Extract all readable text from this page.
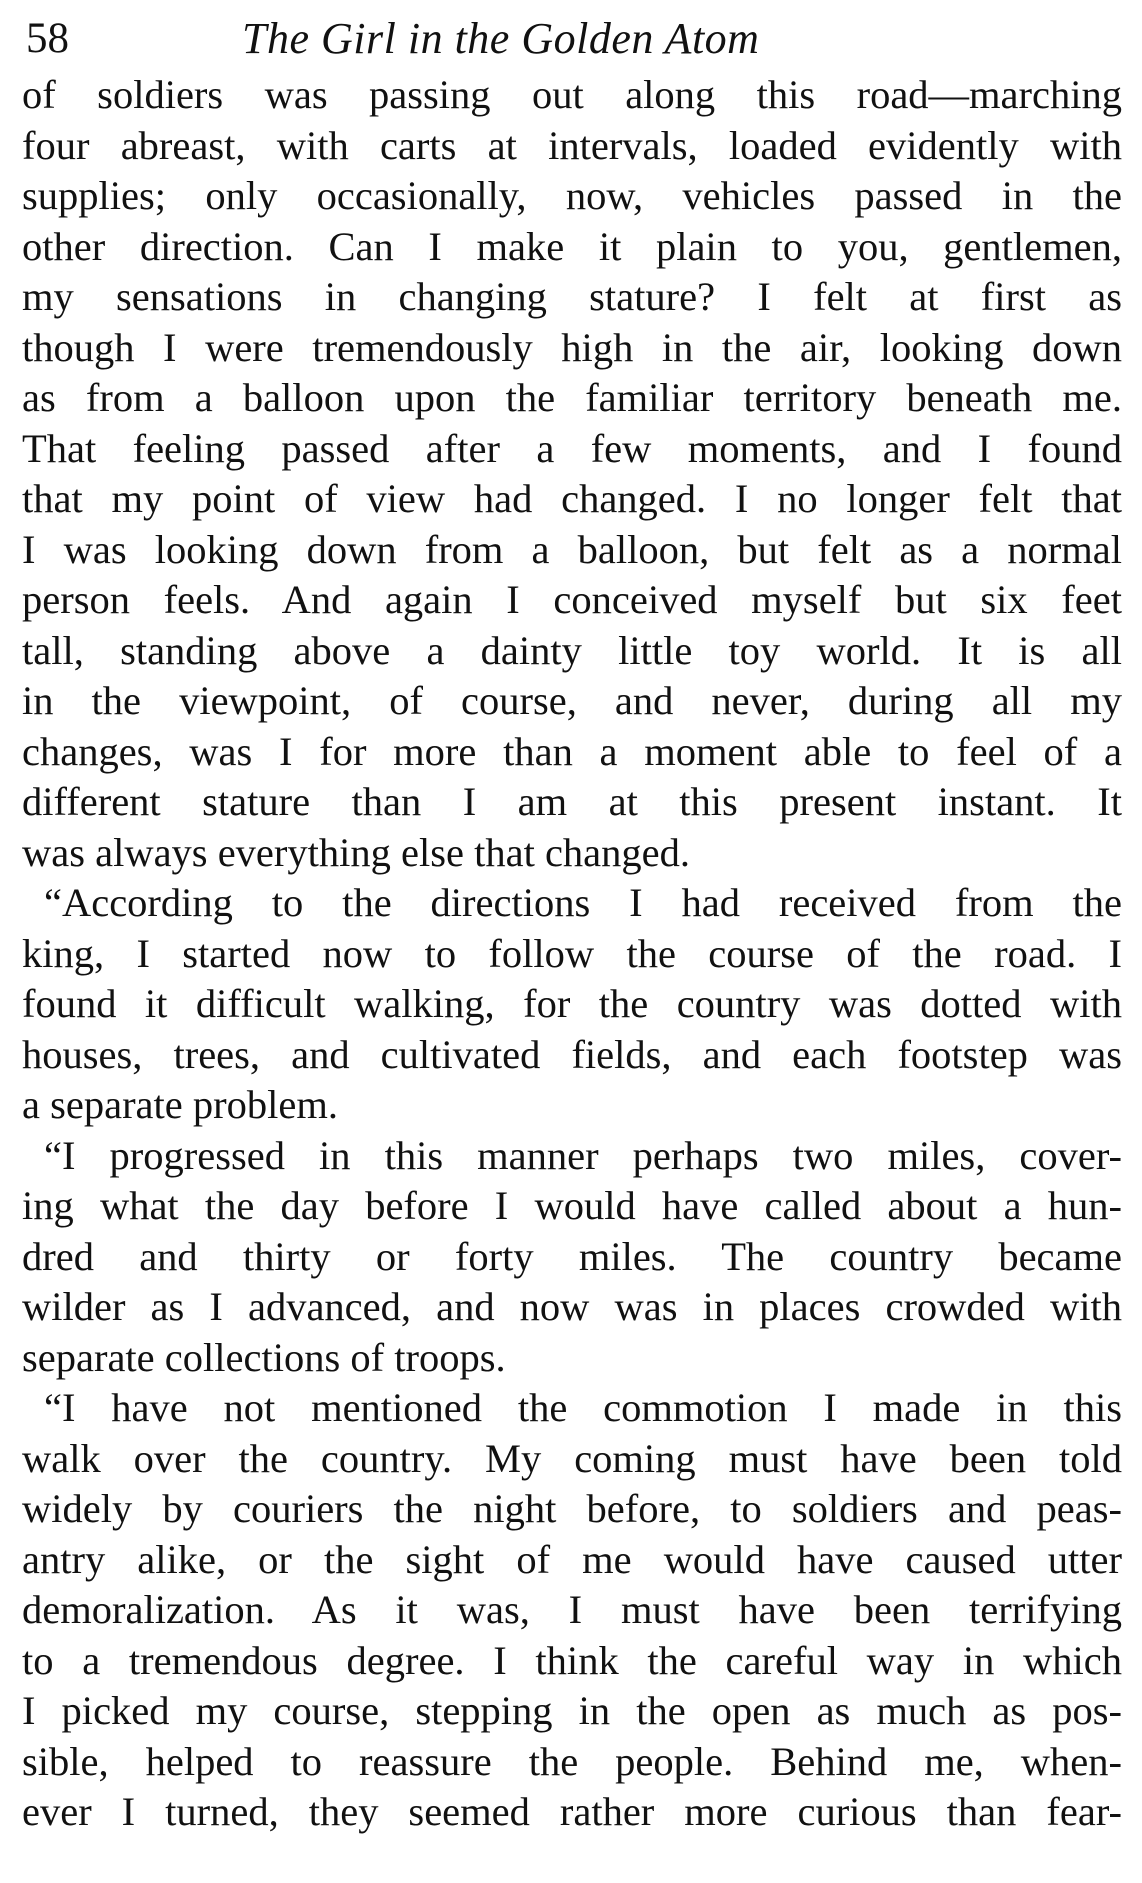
58	The Girl in the Golden Atom
of soldiers was passing out along this road—marching
four abreast, with carts at intervals, loaded evidently with
supplies; only occasionally, now, vehicles passed in the
other direction. Can I make it plain to you, gentlemen,
my sensations in changing stature? I felt at first as
though I were tremendously high in the air, looking down
as from a balloon upon the familiar territory beneath me.
That feeling passed after a few moments, and I found
that my point of view had changed. I no longer felt that
I was looking down from a balloon, but felt as a normal
person feels. And again I conceived myself but six feet
tall, standing above a dainty little toy world. It is all
in the viewpoint, of course, and never, during all my
changes, was I for more than a moment able to feel of a
different stature than I am at this present instant. It
was always everything else that changed.
“According to the directions I had received from the
king, I started now to follow the course of the road. I
found it difficult walking, for the country was dotted with
houses, trees, and cultivated fields, and each footstep was
a separate problem.
“I progressed in this manner perhaps two miles, cover-
ing what the day before I would have called about a hun-
dred and thirty or forty miles. The country became
wilder as I advanced, and now was in places crowded with
separate collections of troops.
“I have not mentioned the commotion I made in this
walk over the country. My coming must have been told
widely by couriers the night before, to soldiers and peas-
antry alike, or the sight of me would have caused utter
demoralization. As it was, I must have been terrifying
to a tremendous degree. I think the careful way in which
I picked my course, stepping in the open as much as pos-
sible, helped to reassure the people. Behind me, when-
ever I turned, they seemed rather more curious than fear-
